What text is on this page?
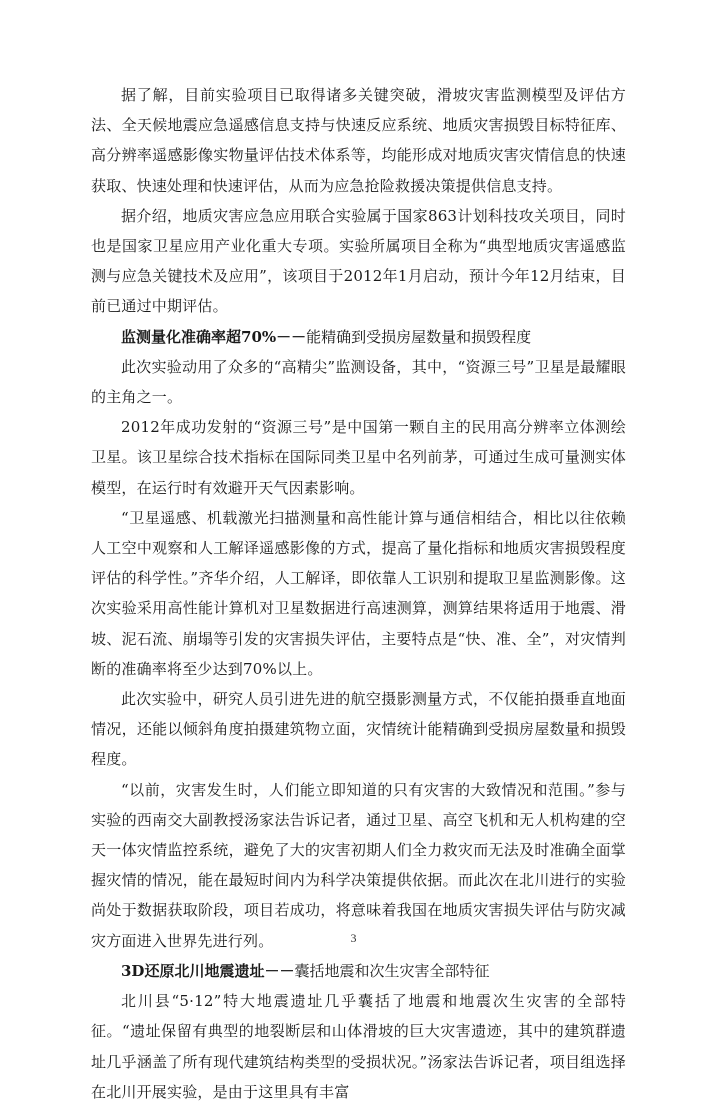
据了解，目前实验项目已取得诸多关键突破，滑坡灾害监测模型及评估方法、全天候地震应急遥感信息支持与快速反应系统、地质灾害损毁目标特征库、高分辨率遥感影像实物量评估技术体系等，均能形成对地质灾害灾情信息的快速获取、快速处理和快速评估，从而为应急抢险救援决策提供信息支持。

据介绍，地质灾害应急应用联合实验属于国家863计划科技攻关项目，同时也是国家卫星应用产业化重大专项。实验所属项目全称为“典型地质灾害遥感监测与应急关键技术及应用”，该项目于2012年1月启动，预计今年12月结束，目前已通过中期评估。

监测量化准确率超70%－－能精确到受损房屋数量和损毁程度

此次实验动用了众多的“高精尖”监测设备，其中，“资源三号”卫星是最耀眼的主角之一。

2012年成功发射的“资源三号”是中国第一颗自主的民用高分辨率立体测绘卫星。该卫星综合技术指标在国际同类卫星中名列前茅，可通过生成可量测实体模型，在运行时有效避开天气因素影响。

“卫星遥感、机载激光扫描测量和高性能计算与通信相结合，相比以往依赖人工空中观察和人工解译遥感影像的方式，提高了量化指标和地质灾害损毁程度评估的科学性。”齐华介绍，人工解译，即依靠人工识别和提取卫星监测影像。这次实验采用高性能计算机对卫星数据进行高速测算，测算结果将适用于地震、滑坡、泥石流、崩塌等引发的灾害损失评估，主要特点是“快、准、全”，对灾情判断的准确率将至少达到70%以上。

此次实验中，研究人员引进先进的航空摄影测量方式，不仅能拍摄垂直地面情况，还能以倾斜角度拍摄建筑物立面，灾情统计能精确到受损房屋数量和损毁程度。

“以前，灾害发生时，人们能立即知道的只有灾害的大致情况和范围。”参与实验的西南交大副教授汤家法告诉记者，通过卫星、高空飞机和无人机构建的空天一体灾情监控系统，避免了大的灾害初期人们全力救灾而无法及时准确全面掌握灾情的情况，能在最短时间内为科学决策提供依据。而此次在北川进行的实验尚处于数据获取阶段，项目若成功，将意味着我国在地质灾害损失评估与防灾减灾方面进入世界先进行列。

3D还原北川地震遗址－－囊括地震和次生灾害全部特征

北川县“5·12”特大地震遗址几乎囊括了地震和地震次生灾害的全部特征。“遗址保留有典型的地裂断层和山体滑坡的巨大灾害遗迹，其中的建筑群遗址几乎涵盖了所有现代建筑结构类型的受损状况。”汤家法告诉记者，项目组选择在北川开展实验，是由于这里具有丰富

3
